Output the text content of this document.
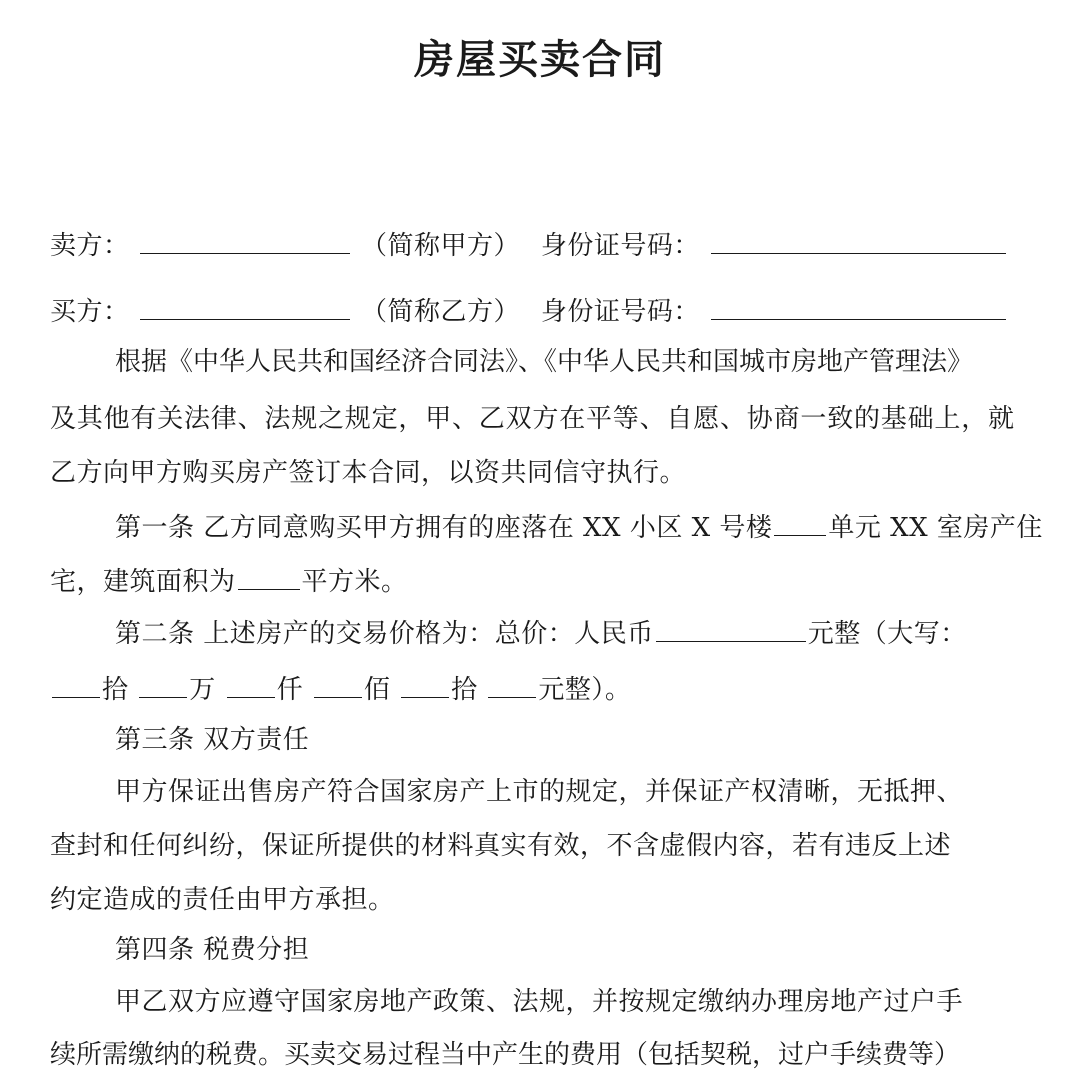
房屋买卖合同
卖方：	（简称甲方） 身份证号码：
买方：	（简称乙方） 身份证号码：
根据《中华人民共和国经济合同法》、《中华人民共和国城市房地产管理法》
及其他有关法律、法规之规定，甲、乙双方在平等、自愿、协商一致的基础上，就
乙方向甲方购买房产签订本合同，以资共同信守执行。
第一条 乙方同意购买甲方拥有的座落在 XX 小区 X 号楼 单元 XX 室房产住
宅，建筑面积为	平方米。
第二条 上述房产的交易价格为：总价：人民币	元整（大写：
拾 万 仟 佰 拾 元整）。
第三条 双方责任
甲方保证出售房产符合国家房产上市的规定，并保证产权清晰，无抵押、
查封和任何纠纷，保证所提供的材料真实有效，不含虚假内容，若有违反上述
约定造成的责任由甲方承担。
第四条 税费分担
甲乙双方应遵守国家房地产政策、法规，并按规定缴纳办理房地产过户手
续所需缴纳的税费。买卖交易过程当中产生的费用（包括契税，过户手续费等）
